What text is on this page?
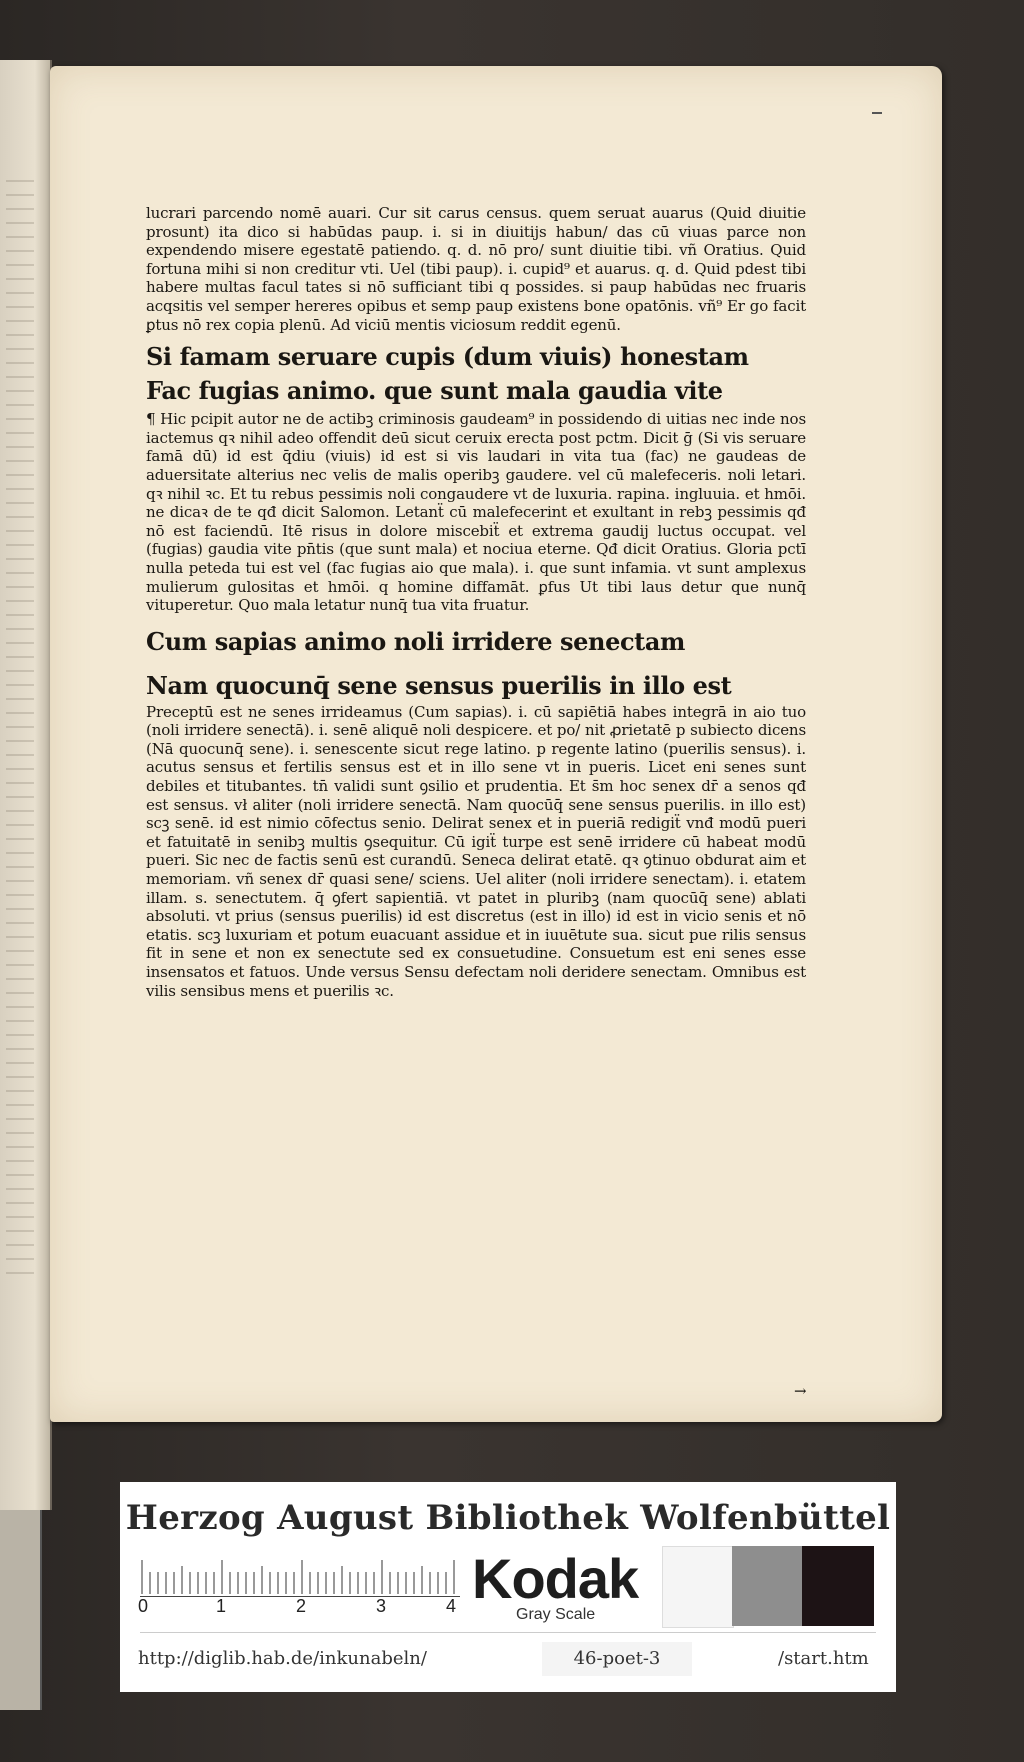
lucrari parcendo nomē auari. Cur sit carus census. quem seruat auarus (Quid diuitie prosunt) ita dico si habūdas paup. i. si in diuitijs habun/ das cū viuas parce non expendendo misere egestatē patiendo. q. d. nō pro/ sunt diuitie tibi. vñ Oratius. Quid fortuna mihi si non creditur vti. Uel (tibi paup). i. cupid⁹ et auarus. q. d. Quid pdest tibi habere multas facul tates si nō sufficiant tibi q possides. si paup habūdas nec fruaris acqsitis vel semper hereres opibus et semp paup existens bone opatōnis. vñ⁹ Er go facit ꝑtus nō rex copia plenū. Ad viciū mentis viciosum reddit egenū.

Si famam seruare cupis (dum viuis) honestam

Fac fugias animo. que sunt mala gaudia vite

¶ Hic pcipit autor ne de actibꝫ criminosis gaudeam⁹ in possidendo di uitias nec inde nos iactemus qꝛ nihil adeo offendit deū sicut ceruix erecta post pctm. Dicit ḡ (Si vis seruare famā dū) id est q̄diu (viuis) id est si vis laudari in vita tua (fac) ne gaudeas de aduersitate alterius nec velis de malis operibꝫ gaudere. vel cū malefeceris. noli letari. qꝛ nihil ꝛc. Et tu rebus pessimis noli congaudere vt de luxuria. rapina. ingluuia. et hmōi. ne dicaꝛ de te qđ dicit Salomon. Letanẗ cū malefecerint et exultant in rebꝫ pessimis qđ nō est faciendū. Itē risus in dolore miscebiẗ et extrema gaudij luctus occupat. vel (fugias) gaudia vite pn̄tis (que sunt mala) et nociua eterne. Qđ dicit Oratius. Gloria pctī nulla peteda tui est vel (fac fugias aio que mala). i. que sunt infamia. vt sunt amplexus mulierum gulositas et hmōi. q homine diffamāt. ꝑfus Ut tibi laus detur que nunq̄ vituperetur. Quo mala letatur nunq̄ tua vita fruatur.

Cum sapias animo noli irridere senectam

Nam quocunq̄ sene sensus puerilis in illo est

Preceptū est ne senes irrideamus (Cum sapias). i. cū sapiētiā habes integrā in aio tuo (noli irridere senectā). i. senē aliquē noli despicere. et po/ nit ꝓrietatē p subiecto dicens (Nā quocunq̄ sene). i. senescente sicut rege latino. p regente latino (puerilis sensus). i. acutus sensus et fertilis sensus est et in illo sene vt in pueris. Licet eni senes sunt debiles et titubantes. tn̄ validi sunt ꝯsilio et prudentia. Et s̄m hoc senex dr̄ a senos qđ est sensus. vł aliter (noli irridere senectā. Nam quocūq̄ sene sensus puerilis. in illo est) scꝫ senē. id est nimio cōfectus senio. Delirat senex et in pueriā redigiẗ vnđ modū pueri et fatuitatē in senibꝫ multis ꝯsequitur. Cū igiẗ turpe est senē irridere cū habeat modū pueri. Sic nec de factis senū est curandū. Seneca delirat etatē. qꝛ ꝯtinuo obdurat aim et memoriam. vñ senex dr̄ quasi sene/ sciens. Uel aliter (noli irridere senectam). i. etatem illam. s. senectutem. q̄ ꝯfert sapientiā. vt patet in pluribꝫ (nam quocūq̄ sene) ablati absoluti. vt prius (sensus puerilis) id est discretus (est in illo) id est in vicio senis et nō etatis. scꝫ luxuriam et potum euacuant assidue et in iuuētute sua. sicut pue rilis sensus fit in sene et non ex senectute sed ex consuetudine. Consuetum est eni senes esse insensatos et fatuos. Unde versus Sensu defectam noli deridere senectam. Omnibus est vilis sensibus mens et puerilis ꝛc.

→
Herzog August Bibliothek Wolfenbüttel
0	1	2	3	4 Kodak
Gray Scale
http://diglib.hab.de/inkunabeln/	46-poet-3	/start.htm
